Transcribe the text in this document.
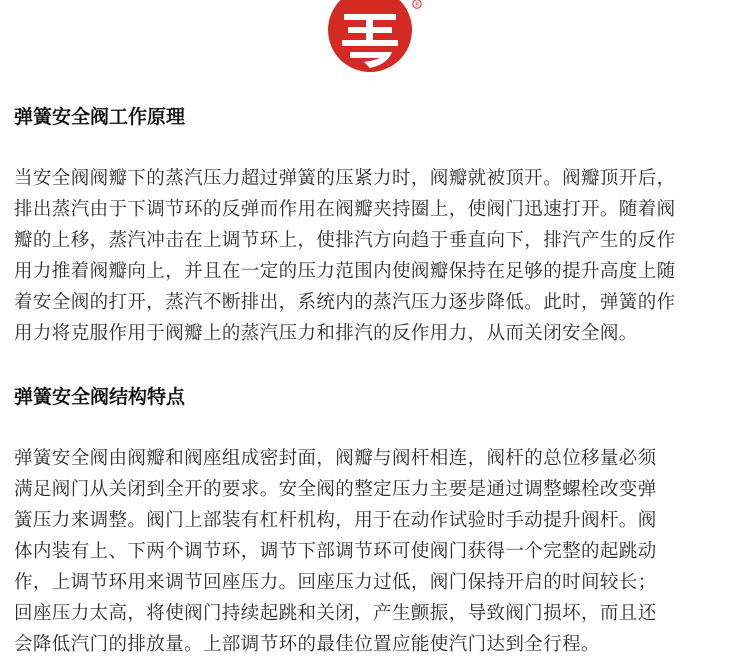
®
弹簧安全阀工作原理

当安全阀阀瓣下的蒸汽压力超过弹簧的压紧力时，阀瓣就被顶开。阀瓣顶开后，
排出蒸汽由于下调节环的反弹而作用在阀瓣夹持圈上，使阀门迅速打开。随着阀
瓣的上移，蒸汽冲击在上调节环上，使排汽方向趋于垂直向下，排汽产生的反作
用力推着阀瓣向上，并且在一定的压力范围内使阀瓣保持在足够的提升高度上随
着安全阀的打开，蒸汽不断排出，系统内的蒸汽压力逐步降低。此时，弹簧的作
用力将克服作用于阀瓣上的蒸汽压力和排汽的反作用力，从而关闭安全阀。

弹簧安全阀结构特点

弹簧安全阀由阀瓣和阀座组成密封面，阀瓣与阀杆相连，阀杆的总位移量必须
满足阀门从关闭到全开的要求。安全阀的整定压力主要是通过调整螺栓改变弹
簧压力来调整。阀门上部装有杠杆机构，用于在动作试验时手动提升阀杆。阀
体内装有上、下两个调节环，调节下部调节环可使阀门获得一个完整的起跳动
作，上调节环用来调节回座压力。回座压力过低，阀门保持开启的时间较长；
回座压力太高，将使阀门持续起跳和关闭，产生颤振，导致阀门损坏，而且还
会降低汽门的排放量。上部调节环的最佳位置应能使汽门达到全行程。
